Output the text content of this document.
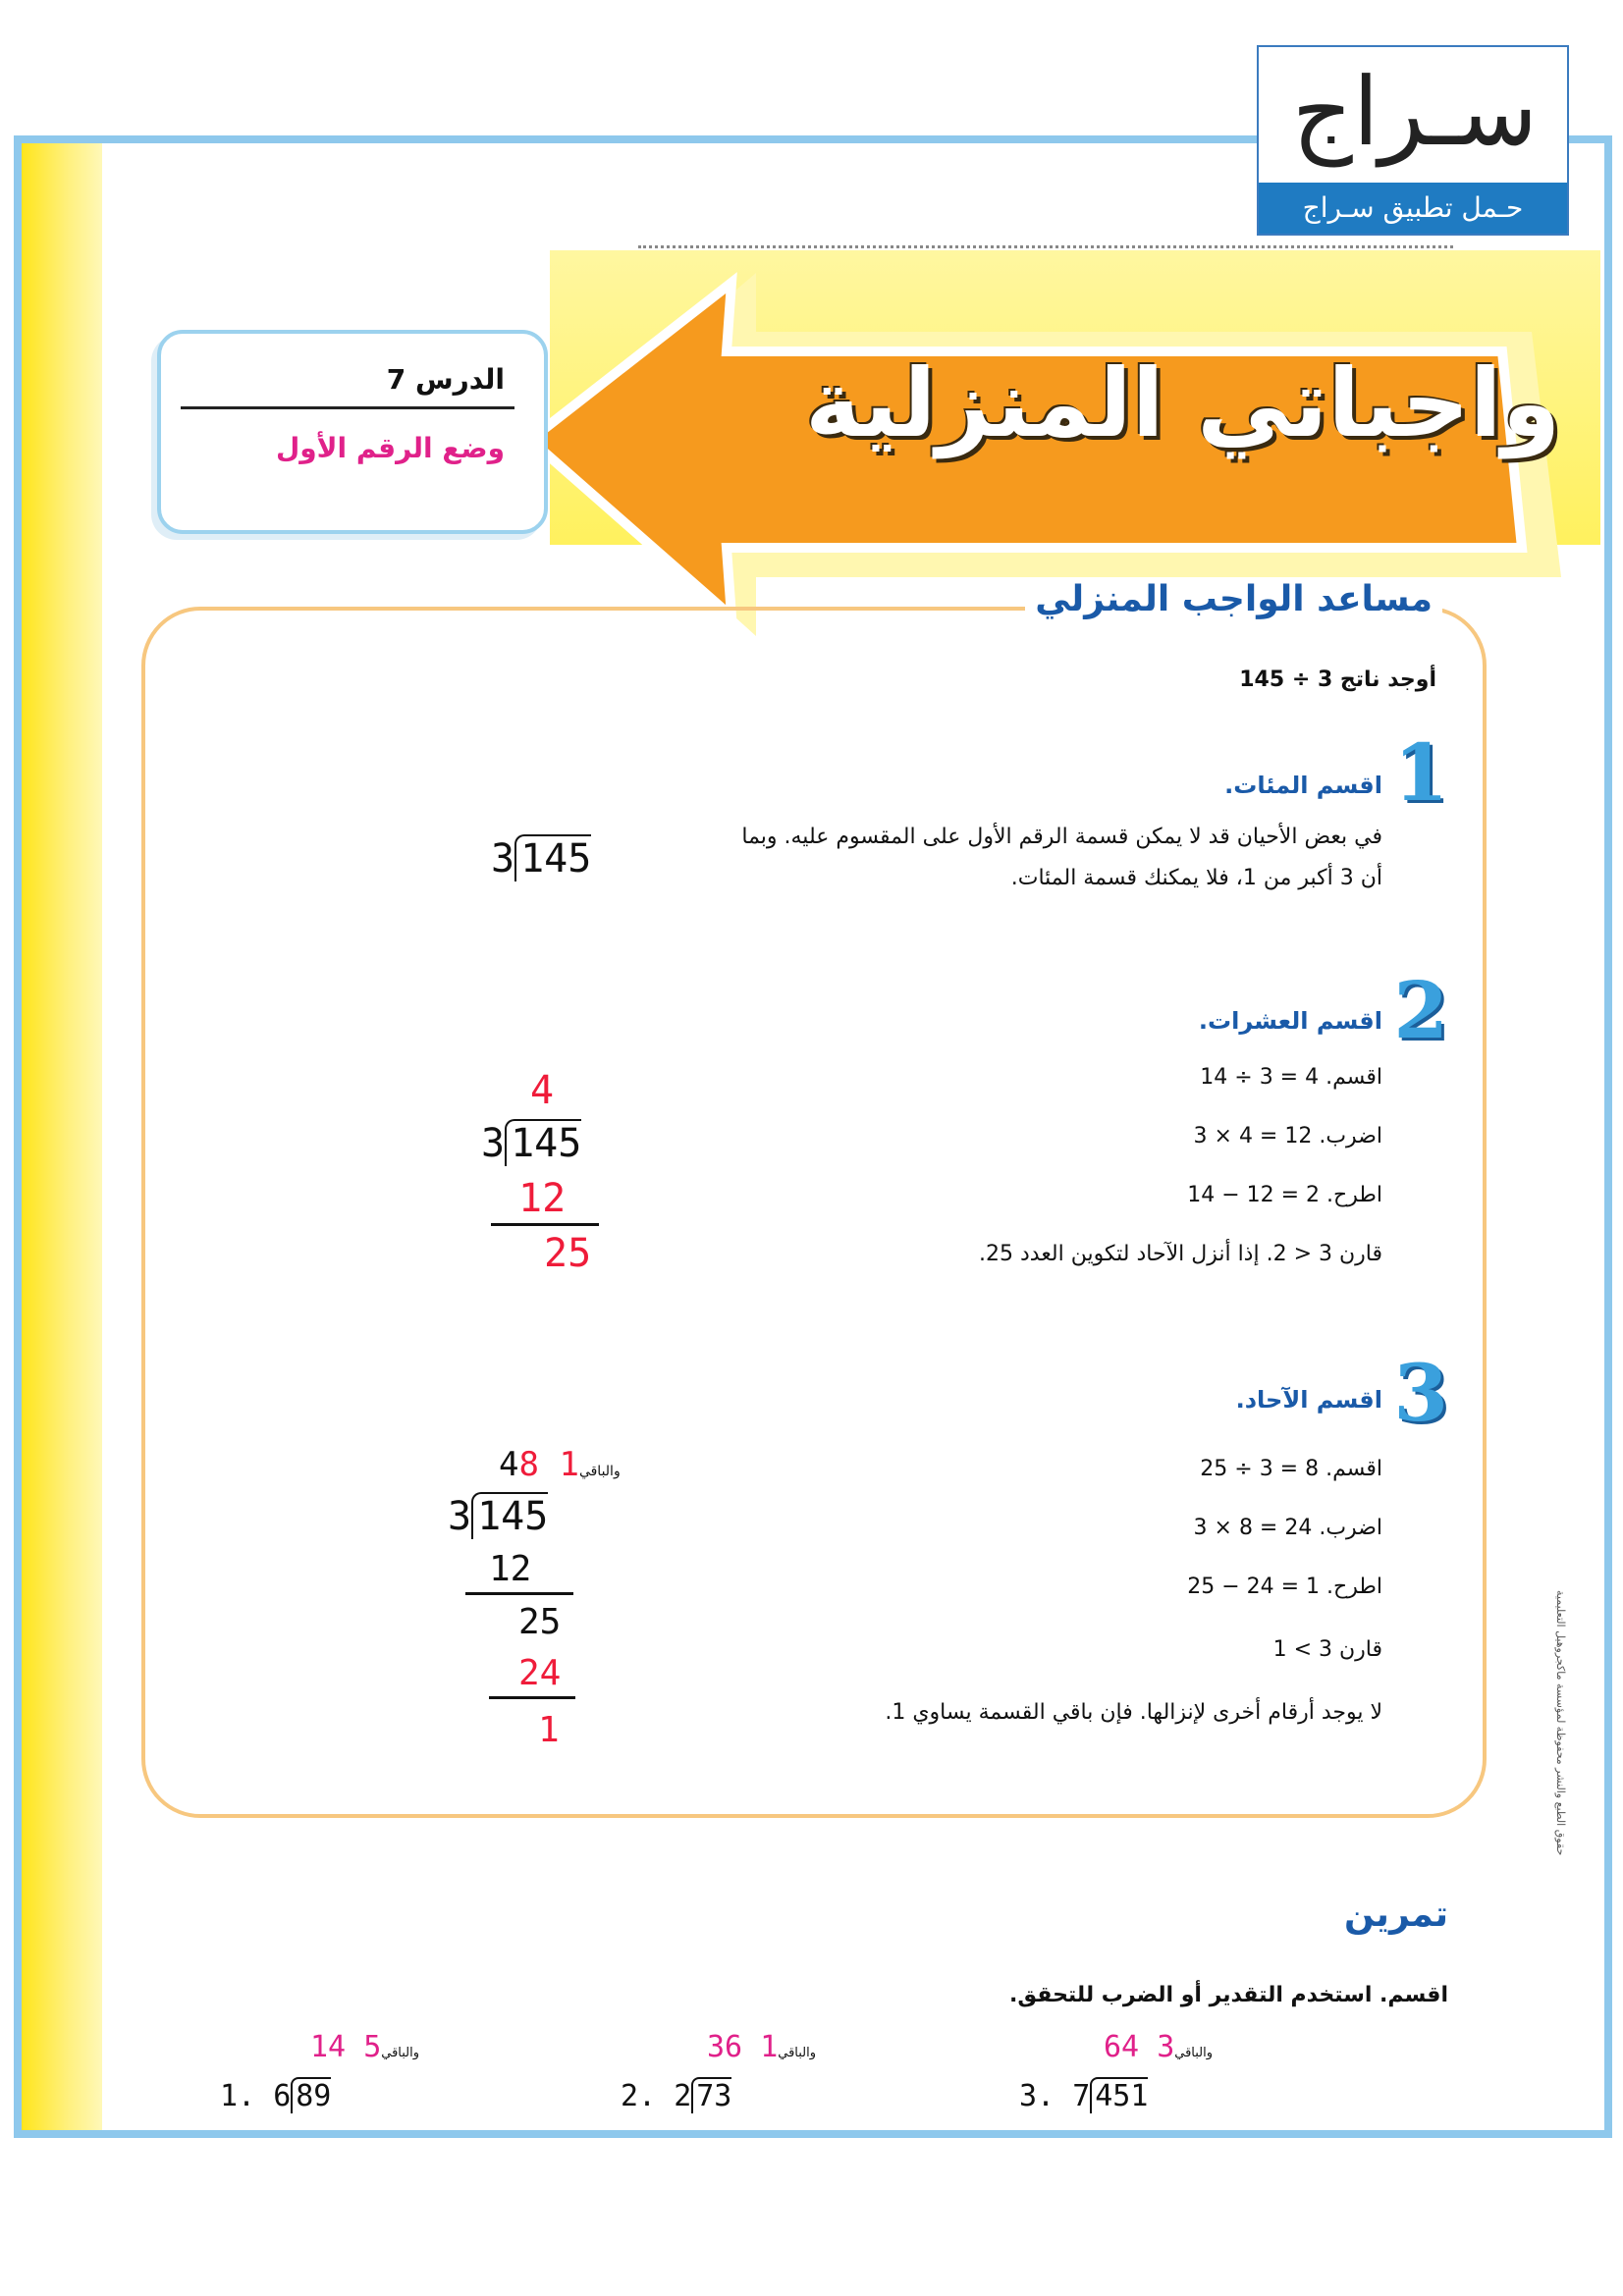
سـراج
حـمل تطبيق سـراج
واجباتي المنزلية
الدرس 7
وضع الرقم الأول
مساعد الواجب المنزلي
أوجد ناتج 3 ÷ 145
1
اقسم المئات.
في بعض الأحيان قد لا يمكن قسمة الرقم الأول على المقسوم عليه. وبما
أن 3 أكبر من 1، فلا يمكنك قسمة المئات.
3 145
2
اقسم العشرات.
اقسم. 4 = 3 ÷ 14
اضرب. 12 = 4 × 3
اطرح. 2 = 12 − 14
قارن 3 < 2. إذا أنزل الآحاد لتكوين العدد 25.
4
3 145
12
25
3
اقسم الآحاد.
اقسم. 8 = 3 ÷ 25
اضرب. 24 = 8 × 3
اطرح. 1 = 24 − 25
قارن 3 > 1
لا يوجد أرقام أخرى لإنزالها. فإن باقي القسمة يساوي 1.
48	والباقي1
3 145
12
25
24
1
تمرين
اقسم. استخدم التقدير أو الضرب للتحقق.
14	والباقي5
1. 6 89
36	والباقي1
2. 2 73
64	والباقي3
3. 7 451
حقوق الطبع والنشر محفوظة لمؤسسة ماكجروهيل التعليمية
